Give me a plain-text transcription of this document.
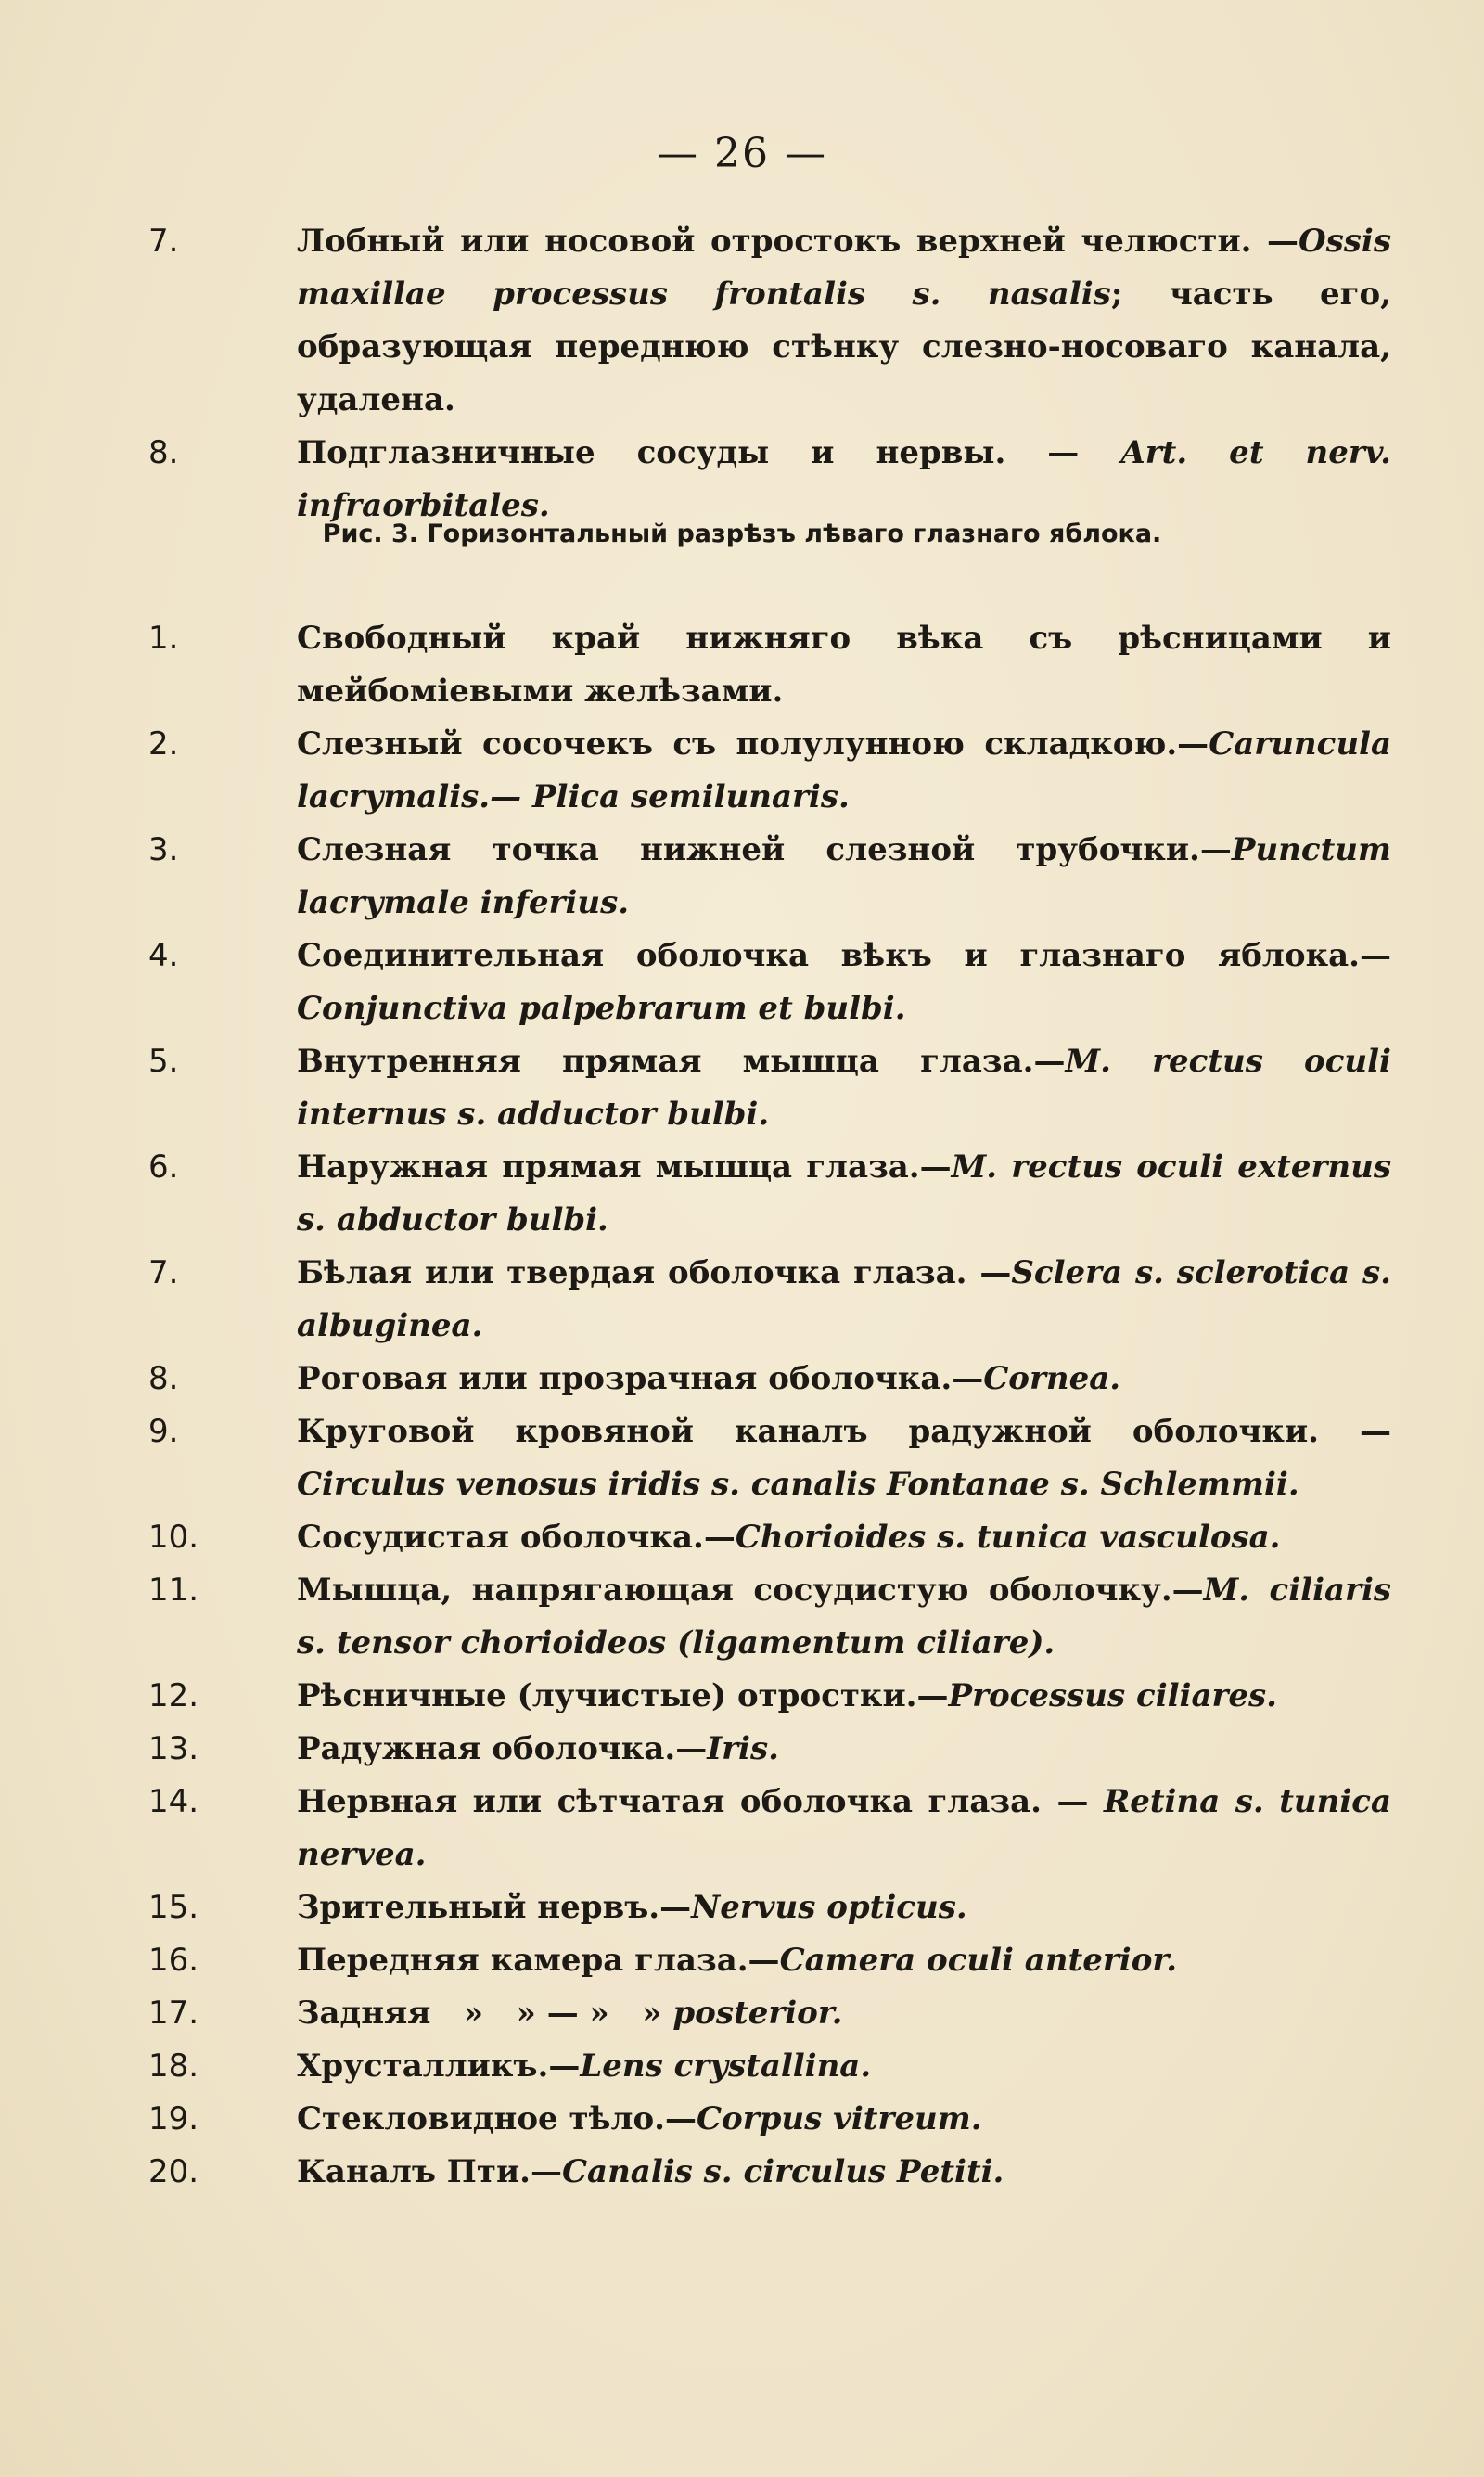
— 26 —
7.	Лобный или носовой отростокъ верхней челюсти. —Ossis maxillae processus frontalis s. nasalis; часть его, образующая переднюю стѣнку слезно-носоваго канала, удалена.
8.	Подглазничные сосуды и нервы. — Art. et nerv. infraorbitales.
Рис. 3. Горизонтальный разрѣзъ лѣваго глазнаго яблока.
1.	Свободный край нижняго вѣка съ рѣсницами и мейбоміевыми желѣзами.
2.	Слезный сосочекъ съ полулунною складкою.—Caruncula lacrymalis.— Plica semilunaris.
3.	Слезная точка нижней слезной трубочки.—Punctum lacrymale inferius.
4.	Соединительная оболочка вѣкъ и глазнаго яблока.—Conjunctiva palpebrarum et bulbi.
5.	Внутренняя прямая мышца глаза.—M. rectus oculi internus s. adductor bulbi.
6.	Наружная прямая мышца глаза.—M. rectus oculi externus s. abductor bulbi.
7.	Бѣлая или твердая оболочка глаза. —Sclera s. sclerotica s. albuginea.
8.	Роговая или прозрачная оболочка.—Cornea.
9.	Круговой кровяной каналъ радужной оболочки. — Circulus venosus iridis s. canalis Fontanae s. Schlemmii.
10.	Сосудистая оболочка.—Chorioides s. tunica vasculosa.
11.	Мышца, напрягающая сосудистую оболочку.—M. ciliaris s. tensor chorioideos (ligamentum ciliare).
12.	Рѣсничные (лучистые) отростки.—Processus ciliares.
13.	Радужная оболочка.—Iris.
14.	Нервная или сѣтчатая оболочка глаза. — Retina s. tunica nervea.
15.	Зрительный нервъ.—Nervus opticus.
16.	Передняя камера глаза.—Camera oculi anterior.
17.	Задняя   »   » — »   » posterior.
18.	Хрусталликъ.—Lens crystallina.
19.	Стекловидное тѣло.—Corpus vitreum.
20.	Каналъ Пти.—Canalis s. circulus Petiti.
